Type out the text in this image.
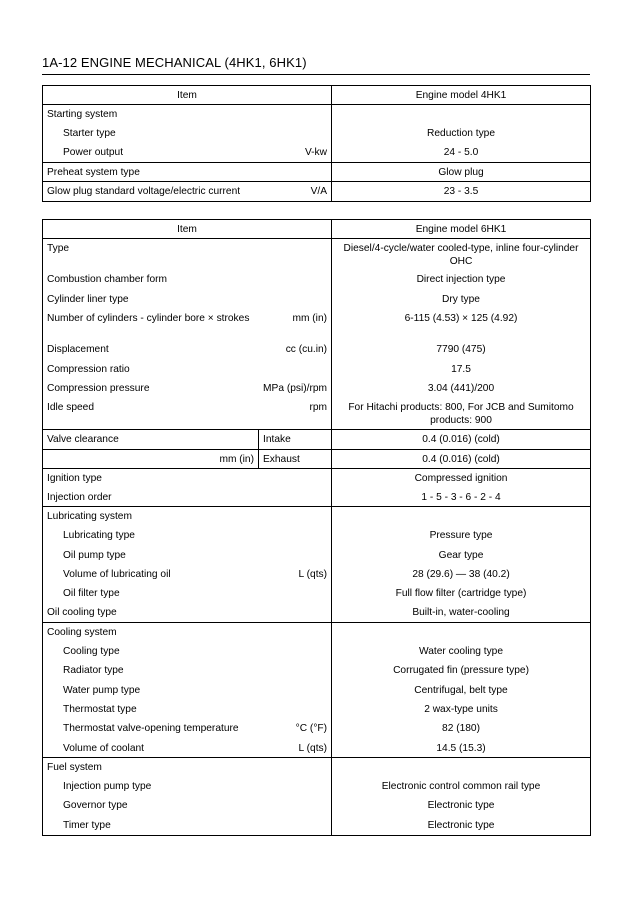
1A-12 ENGINE MECHANICAL (4HK1, 6HK1)
Item		Engine model 4HK1
Starting system		
Starter type		Reduction type
Power output	V-kw	24 - 5.0
Preheat system type		Glow plug
Glow plug standard voltage/electric current	V/A	23 - 3.5
Item		Engine model 6HK1
Type		Diesel/4-cycle/water cooled-type, inline four-cylinder OHC
Combustion chamber form		Direct injection type
Cylinder liner type		Dry type
Number of cylinders - cylinder bore × strokes	mm (in)	6-115 (4.53) × 125 (4.92)
Displacement	cc (cu.in)	7790 (475)
Compression ratio		17.5
Compression pressure	MPa (psi)/rpm	3.04 (441)/200
Idle speed	rpm	For Hitachi products: 800, For JCB and Sumitomo products: 900
Valve clearance	Intake	0.4 (0.016) (cold)
mm (in)	Exhaust	0.4 (0.016) (cold)
Ignition type		Compressed ignition
Injection order		1 - 5 - 3 - 6 - 2 - 4
Lubricating system		
Lubricating type		Pressure type
Oil pump type		Gear type
Volume of lubricating oil	L (qts)	28 (29.6) — 38 (40.2)
Oil filter type		Full flow filter (cartridge type)
Oil cooling type		Built-in, water-cooling
Cooling system		
Cooling type		Water cooling type
Radiator type		Corrugated fin (pressure type)
Water pump type		Centrifugal, belt type
Thermostat type		2 wax-type units
Thermostat valve-opening temperature	°C (°F)	82 (180)
Volume of coolant	L (qts)	14.5 (15.3)
Fuel system		
Injection pump type		Electronic control common rail type
Governor type		Electronic type
Timer type		Electronic type
